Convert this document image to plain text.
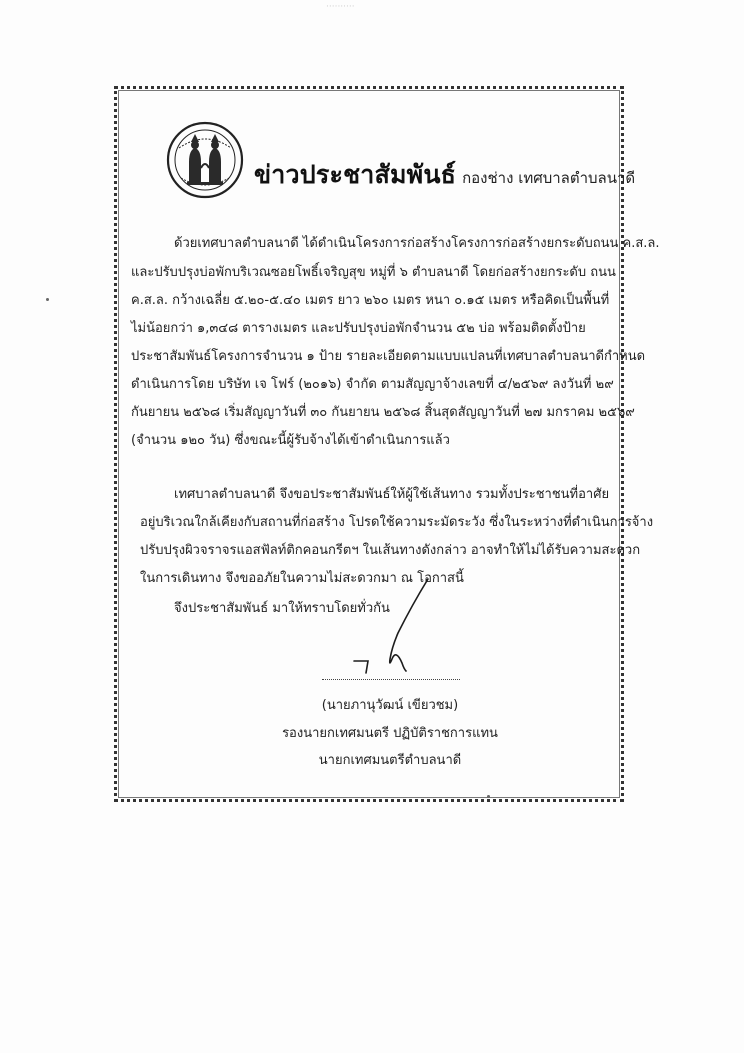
··········
ข่าวประชาสัมพันธ์ กองช่าง เทศบาลตำบลนาดี
ด้วยเทศบาลตำบลนาดี ได้ดำเนินโครงการก่อสร้างโครงการก่อสร้างยกระดับถนน ค.ส.ล.
และปรับปรุงบ่อพักบริเวณซอยโพธิ์เจริญสุข หมู่ที่ ๖ ตำบลนาดี โดยก่อสร้างยกระดับ ถนน
ค.ส.ล. กว้างเฉลี่ย ๕.๒๐-๕.๔๐ เมตร ยาว ๒๖๐ เมตร หนา ๐.๑๕ เมตร หรือคิดเป็นพื้นที่
ไม่น้อยกว่า ๑,๓๔๘ ตารางเมตร และปรับปรุงบ่อพักจำนวน ๕๒ บ่อ พร้อมติดตั้งป้าย
ประชาสัมพันธ์โครงการจำนวน ๑ ป้าย รายละเอียดตามแบบแปลนที่เทศบาลตำบลนาดีกำหนด
ดำเนินการโดย บริษัท เจ โฟร์ (๒๐๑๖) จำกัด ตามสัญญาจ้างเลขที่ ๔/๒๕๖๙ ลงวันที่ ๒๙
กันยายน ๒๕๖๘ เริ่มสัญญาวันที่ ๓๐ กันยายน ๒๕๖๘ สิ้นสุดสัญญาวันที่ ๒๗ มกราคม ๒๕๖๙
(จำนวน ๑๒๐ วัน) ซึ่งขณะนี้ผู้รับจ้างได้เข้าดำเนินการแล้ว
เทศบาลตำบลนาดี จึงขอประชาสัมพันธ์ให้ผู้ใช้เส้นทาง รวมทั้งประชาชนที่อาศัย
อยู่บริเวณใกล้เคียงกับสถานที่ก่อสร้าง โปรดใช้ความระมัดระวัง ซึ่งในระหว่างที่ดำเนินการจ้าง
ปรับปรุงผิวจราจรแอสฟัลท์ติกคอนกรีตฯ ในเส้นทางดังกล่าว อาจทำให้ไม่ได้รับความสะดวก
ในการเดินทาง จึงขออภัยในความไม่สะดวกมา ณ โอกาสนี้
จึงประชาสัมพันธ์ มาให้ทราบโดยทั่วกัน
(นายภานุวัฒน์ เขียวชม)
รองนายกเทศมนตรี ปฏิบัติราชการแทน
นายกเทศมนตรีตำบลนาดี
